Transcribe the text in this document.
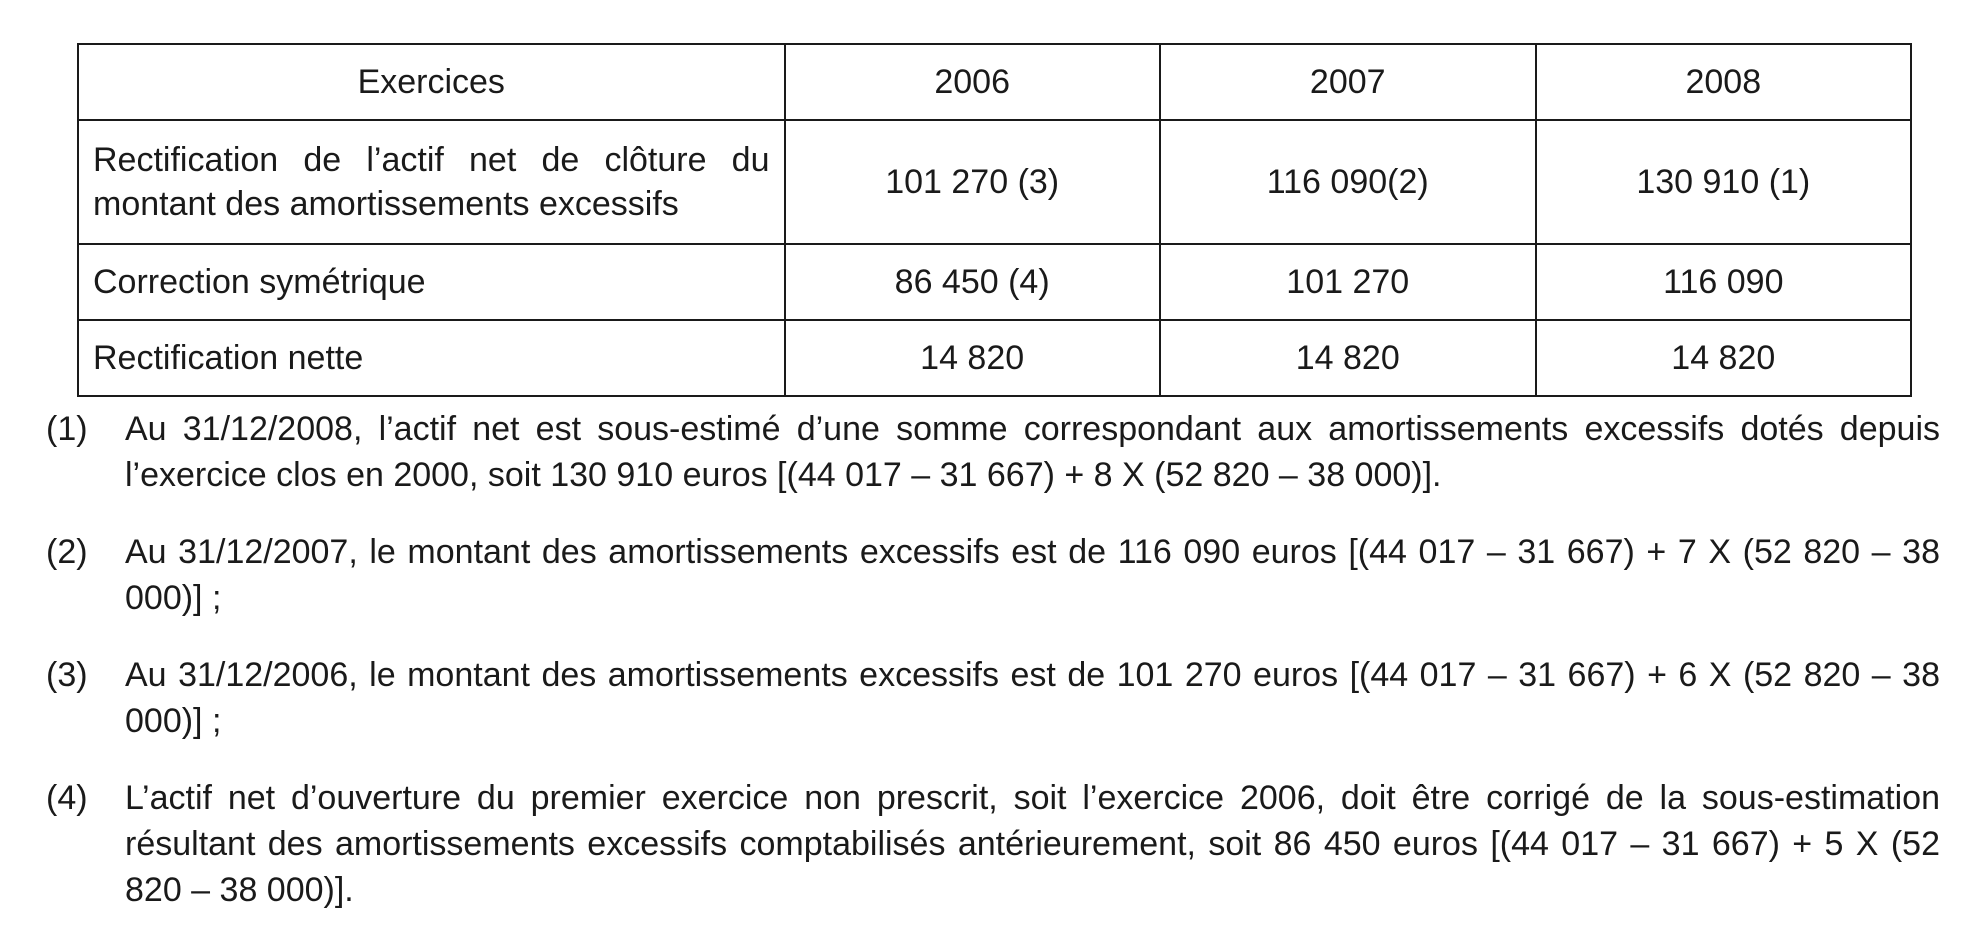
Exercices	2006	2007	2008
Rectification de l’actif net de clôture du montant des amortissements excessifs	101 270 (3)	116 090(2)	130 910 (1)
Correction symétrique	86 450 (4)	101 270	116 090
Rectification nette	14 820	14 820	14 820
(1)	Au 31/12/2008, l’actif net est sous-estimé d’une somme correspondant aux amortissements excessifs dotés depuis l’exercice clos en 2000, soit 130 910 euros [(44 017 – 31 667) + 8 X (52 820 – 38 000)].
(2)	Au 31/12/2007, le montant des amortissements excessifs est de 116 090 euros [(44 017 – 31 667) + 7 X (52 820 – 38 000)] ;
(3)	Au 31/12/2006, le montant des amortissements excessifs est de 101 270 euros [(44 017 – 31 667) + 6 X (52 820 – 38 000)] ;
(4)	L’actif net d’ouverture du premier exercice non prescrit, soit l’exercice 2006, doit être corrigé de la sous-estimation résultant des amortissements excessifs comptabilisés antérieurement, soit 86 450 euros [(44 017 – 31 667) + 5 X (52 820 – 38 000)].
